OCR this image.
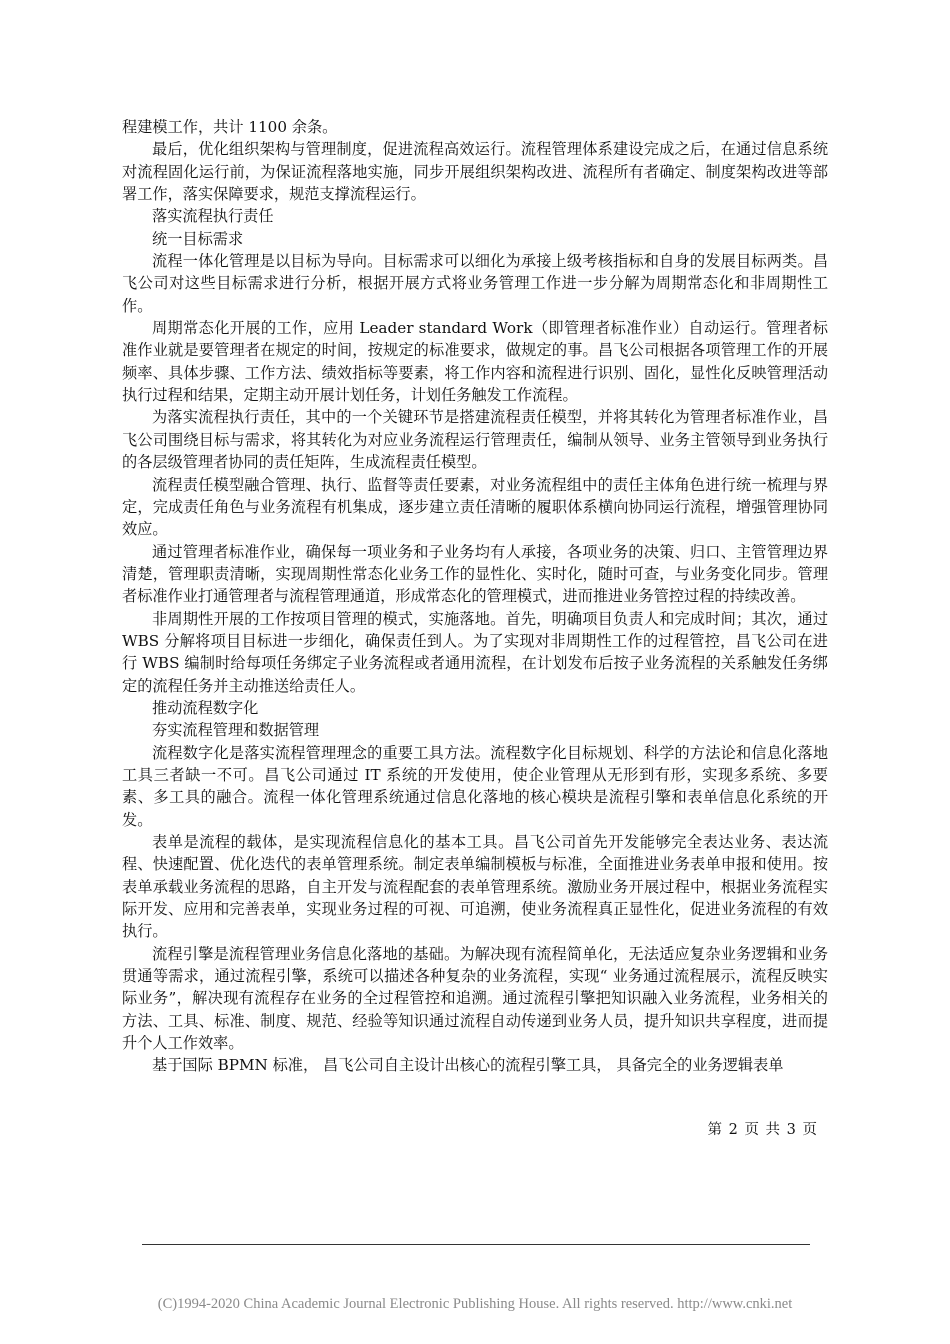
程建模工作，共计 1100 余条。

最后，优化组织架构与管理制度，促进流程高效运行。流程管理体系建设完成之后，在通过信息系统对流程固化运行前，为保证流程落地实施，同步开展组织架构改进、流程所有者确定、制度架构改进等部署工作，落实保障要求，规范支撑流程运行。

落实流程执行责任

统一目标需求

流程一体化管理是以目标为导向。目标需求可以细化为承接上级考核指标和自身的发展目标两类。昌飞公司对这些目标需求进行分析，根据开展方式将业务管理工作进一步分解为周期常态化和非周期性工作。

周期常态化开展的工作，应用 Leader standard Work（即管理者标准作业）自动运行。管理者标准作业就是要管理者在规定的时间，按规定的标准要求，做规定的事。昌飞公司根据各项管理工作的开展频率、具体步骤、工作方法、绩效指标等要素，将工作内容和流程进行识别、固化，显性化反映管理活动执行过程和结果，定期主动开展计划任务，计划任务触发工作流程。

为落实流程执行责任，其中的一个关键环节是搭建流程责任模型，并将其转化为管理者标准作业，昌飞公司围绕目标与需求，将其转化为对应业务流程运行管理责任，编制从领导、业务主管领导到业务执行的各层级管理者协同的责任矩阵，生成流程责任模型。

流程责任模型融合管理、执行、监督等责任要素，对业务流程组中的责任主体角色进行统一梳理与界定，完成责任角色与业务流程有机集成，逐步建立责任清晰的履职体系横向协同运行流程，增强管理协同效应。

通过管理者标准作业，确保每一项业务和子业务均有人承接，各项业务的决策、归口、主管管理边界清楚，管理职责清晰，实现周期性常态化业务工作的显性化、实时化，随时可查，与业务变化同步。管理者标准作业打通管理者与流程管理通道，形成常态化的管理模式，进而推进业务管控过程的持续改善。

非周期性开展的工作按项目管理的模式，实施落地。首先，明确项目负责人和完成时间；其次，通过 WBS 分解将项目目标进一步细化，确保责任到人。为了实现对非周期性工作的过程管控，昌飞公司在进行 WBS 编制时给每项任务绑定子业务流程或者通用流程，在计划发布后按子业务流程的关系触发任务绑定的流程任务并主动推送给责任人。

推动流程数字化

夯实流程管理和数据管理

流程数字化是落实流程管理理念的重要工具方法。流程数字化目标规划、科学的方法论和信息化落地工具三者缺一不可。昌飞公司通过 IT 系统的开发使用，使企业管理从无形到有形，实现多系统、多要素、多工具的融合。流程一体化管理系统通过信息化落地的核心模块是流程引擎和表单信息化系统的开发。

表单是流程的载体，是实现流程信息化的基本工具。昌飞公司首先开发能够完全表达业务、表达流程、快速配置、优化迭代的表单管理系统。制定表单编制模板与标准，全面推进业务表单申报和使用。按表单承载业务流程的思路，自主开发与流程配套的表单管理系统。激励业务开展过程中，根据业务流程实际开发、应用和完善表单，实现业务过程的可视、可追溯，使业务流程真正显性化，促进业务流程的有效执行。

流程引擎是流程管理业务信息化落地的基础。为解决现有流程简单化，无法适应复杂业务逻辑和业务贯通等需求，通过流程引擎，系统可以描述各种复杂的业务流程，实现“ 业务通过流程展示，流程反映实际业务”，解决现有流程存在业务的全过程管控和追溯。通过流程引擎把知识融入业务流程，业务相关的方法、工具、标准、制度、规范、经验等知识通过流程自动传递到业务人员，提升知识共享程度，进而提升个人工作效率。

基于国际 BPMN 标准， 昌飞公司自主设计出核心的流程引擎工具， 具备完全的业务逻辑表单

第 2 页 共 3 页
(C)1994-2020 China Academic Journal Electronic Publishing House. All rights reserved. http://www.cnki.net
